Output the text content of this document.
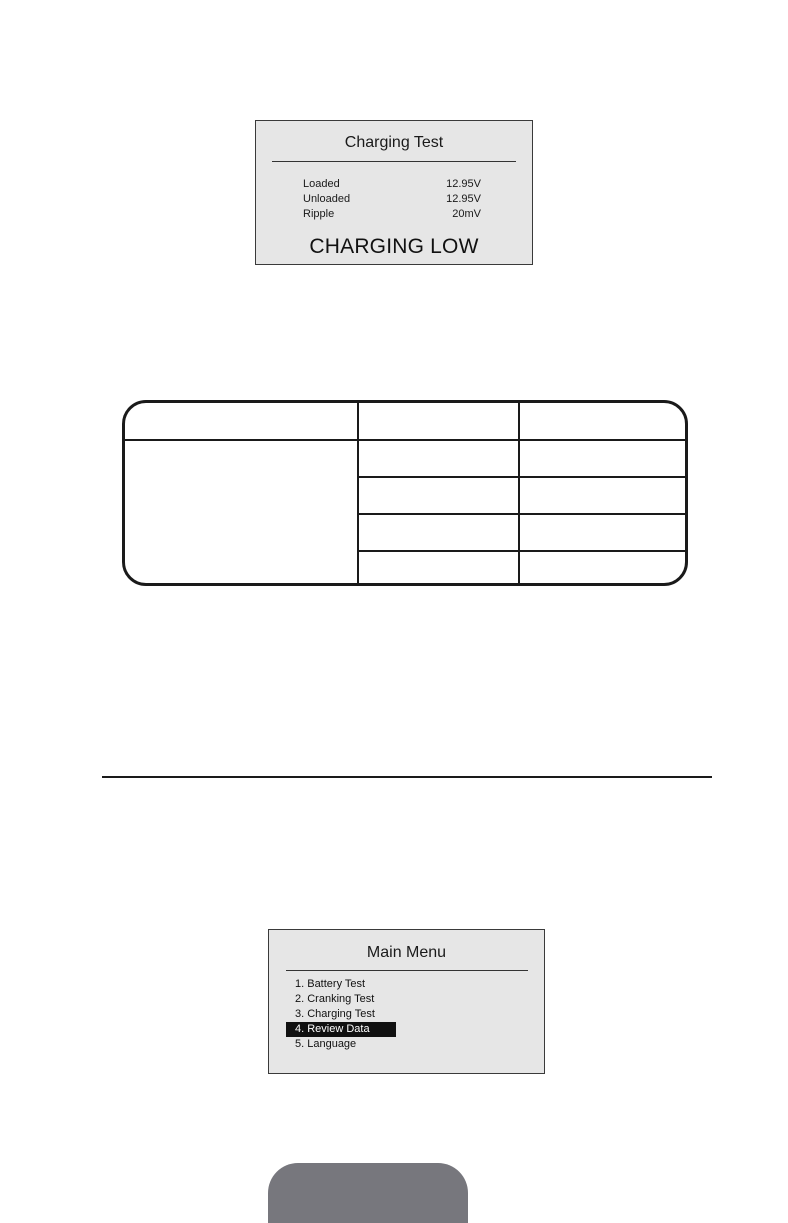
Charging Test
Loaded	12.95V
Unloaded	12.95V
Ripple	20mV
CHARGING LOW
Main Menu
1. Battery Test
2. Cranking Test
3. Charging Test
4. Review Data
5. Language
